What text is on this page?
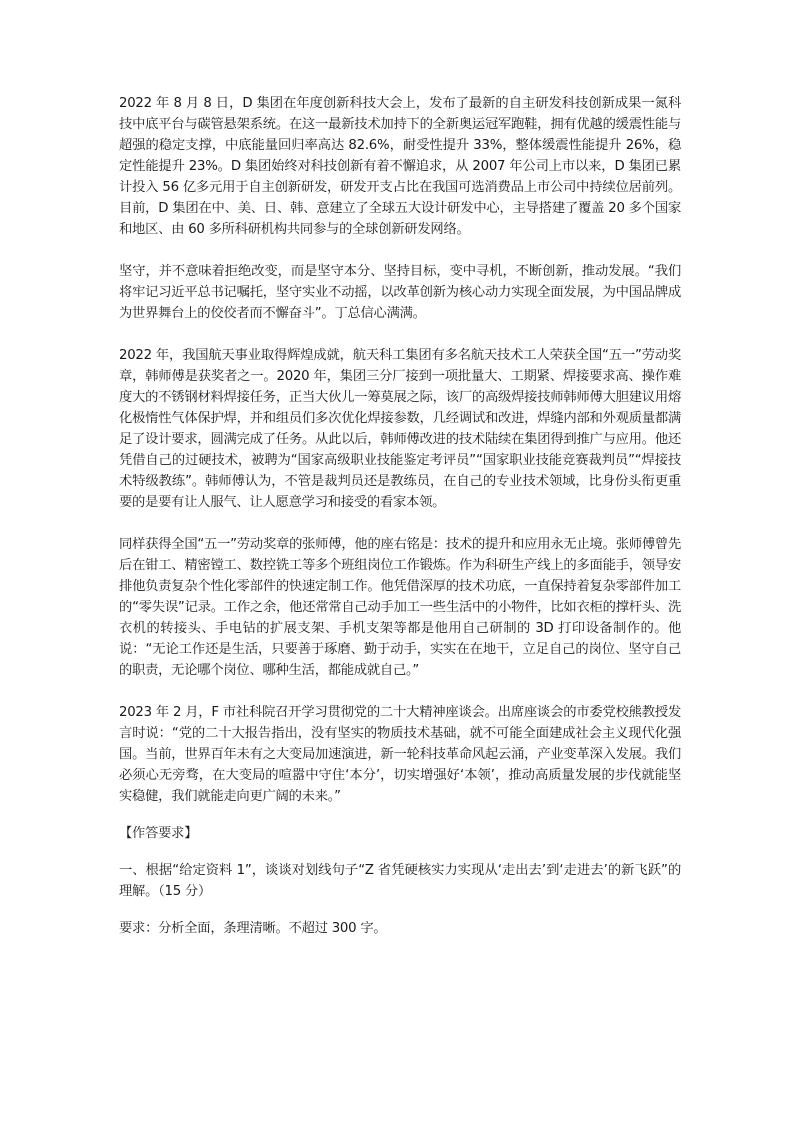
2022 年 8 月 8 日，D 集团在年度创新科技大会上，发布了最新的自主研发科技创新成果一氮科技中底平台与碳管悬架系统。在这一最新技术加持下的全新奥运冠军跑鞋，拥有优越的缓震性能与超强的稳定支撑，中底能量回归率高达 82.6%，耐受性提升 33%，整体缓震性能提升 26%，稳定性能提升 23%。D 集团始终对科技创新有着不懈追求，从 2007 年公司上市以来，D 集团已累计投入 56 亿多元用于自主创新研发，研发开支占比在我国可选消费品上市公司中持续位居前列。目前，D 集团在中、美、日、韩、意建立了全球五大设计研发中心，主导搭建了覆盖 20 多个国家和地区、由 60 多所科研机构共同参与的全球创新研发网络。

坚守，并不意味着拒绝改变，而是坚守本分、坚持目标，变中寻机，不断创新，推动发展。“我们将牢记习近平总书记嘱托，坚守实业不动摇，以改革创新为核心动力实现全面发展，为中国品牌成为世界舞台上的佼佼者而不懈奋斗”。丁总信心满满。

2022 年，我国航天事业取得辉煌成就，航天科工集团有多名航天技术工人荣获全国“五一”劳动奖章，韩师傅是获奖者之一。2020 年，集团三分厂接到一项批量大、工期紧、焊接要求高、操作难度大的不锈钢材料焊接任务，正当大伙儿一筹莫展之际，该厂的高级焊接技师韩师傅大胆建议用熔化极惰性气体保护焊，并和组员们多次优化焊接参数，几经调试和改进，焊缝内部和外观质量都满足了设计要求，圆满完成了任务。从此以后，韩师傅改进的技术陆续在集团得到推广与应用。他还凭借自己的过硬技术，被聘为“国家高级职业技能鉴定考评员”“国家职业技能竞赛裁判员”“焊接技术特级教练”。韩师傅认为，不管是裁判员还是教练员，在自己的专业技术领域，比身份头衔更重要的是要有让人服气、让人愿意学习和接受的看家本领。

同样获得全国“五一”劳动奖章的张师傅，他的座右铭是：技术的提升和应用永无止境。张师傅曾先后在钳工、精密镗工、数控铣工等多个班组岗位工作锻炼。作为科研生产线上的多面能手，领导安排他负责复杂个性化零部件的快速定制工作。他凭借深厚的技术功底，一直保持着复杂零部件加工的“零失误”记录。工作之余，他还常常自己动手加工一些生活中的小物件，比如衣柜的撑杆头、洗衣机的转接头、手电钻的扩展支架、手机支架等都是他用自己研制的 3D 打印设备制作的。他说：“无论工作还是生活，只要善于琢磨、勤于动手，实实在在地干，立足自己的岗位、坚守自己的职责，无论哪个岗位、哪种生活，都能成就自己。”

2023 年 2 月，F 市社科院召开学习贯彻党的二十大精神座谈会。出席座谈会的市委党校熊教授发言时说：“党的二十大报告指出，没有坚实的物质技术基础，就不可能全面建成社会主义现代化强国。当前，世界百年未有之大变局加速演进，新一轮科技革命风起云涌，产业变革深入发展。我们必须心无旁骛，在大变局的喧嚣中守住‘本分’，切实增强好‘本领’，推动高质量发展的步伐就能坚实稳健，我们就能走向更广阔的未来。”

【作答要求】

一、根据“给定资料 1”，谈谈对划线句子“Z 省凭硬核实力实现从‘走出去’到‘走进去’的新飞跃”的理解。（15 分）

要求：分析全面，条理清晰。不超过 300 字。
